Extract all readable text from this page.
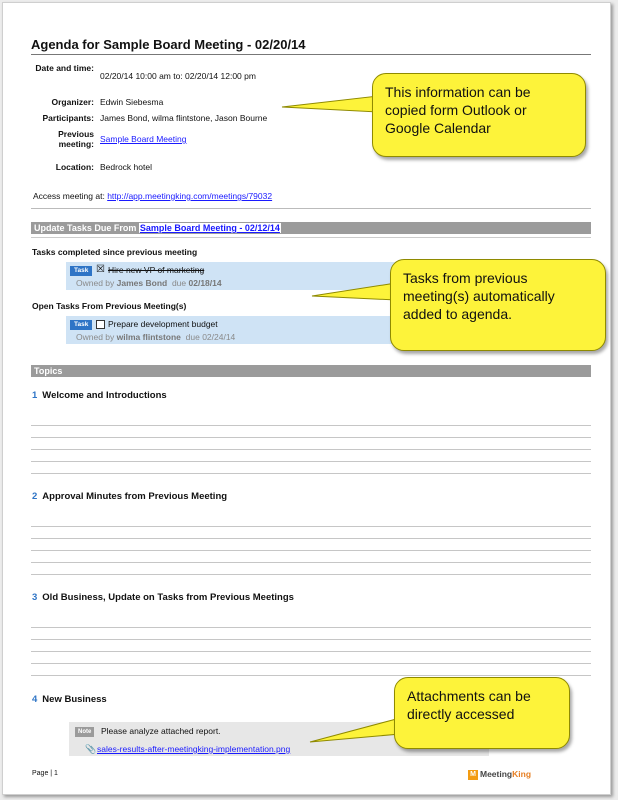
Agenda for Sample Board Meeting - 02/20/14
Date and time:
02/20/14 10:00 am to: 02/20/14 12:00 pm
Organizer: Edwin Siebesma
Participants: James Bond, wilma flintstone, Jason Bourne
Previous meeting: Sample Board Meeting
Location: Bedrock hotel
Access meeting at: http://app.meetingking.com/meetings/79032
Update Tasks Due From Sample Board Meeting - 02/12/14
Tasks completed since previous meeting
Task ☒ Hire new VP of marketing
Owned by James Bond due 02/18/14
Open Tasks From Previous Meeting(s)
Task	Prepare development budget
Owned by wilma flintstone due 02/24/14
Topics
1 Welcome and Introductions
2 Approval Minutes from Previous Meeting
3 Old Business, Update on Tasks from Previous Meetings
4 New Business
Note	Please analyze attached report.
📎 sales-results-after-meetingking-implementation.png
Page | 1	M MeetingKing
This information can be copied form Outlook or Google Calendar
Tasks from previous meeting(s) automatically added to agenda.
Attachments can be directly accessed
